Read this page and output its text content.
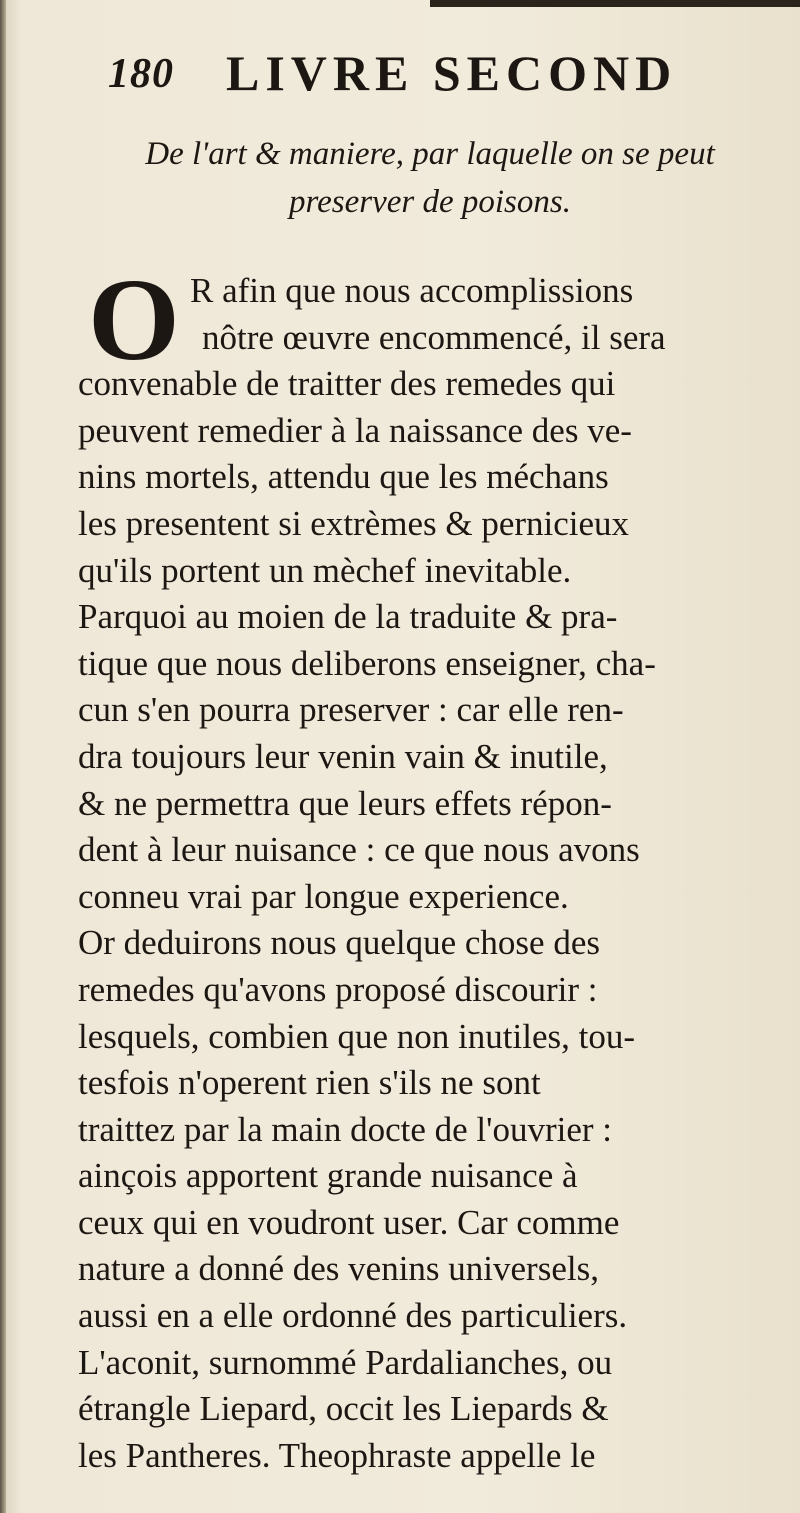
180 LIVRE SECOND
De l'art & maniere, par laquelle on se peut
preserver de poisons.
O R afin que nous accomplissions
nôtre œuvre encommencé, il sera
convenable de traitter des remedes qui
peuvent remedier à la naissance des ve-
nins mortels, attendu que les méchans
les presentent si extrèmes & pernicieux
qu'ils portent un mèchef inevitable.
Parquoi au moien de la traduite & pra-
tique que nous deliberons enseigner, cha-
cun s'en pourra preserver : car elle ren-
dra toujours leur venin vain & inutile,
& ne permettra que leurs effets répon-
dent à leur nuisance : ce que nous avons
conneu vrai par longue experience.
Or deduirons nous quelque chose des
remedes qu'avons proposé discourir :
lesquels, combien que non inutiles, tou-
tesfois n'operent rien s'ils ne sont
traittez par la main docte de l'ouvrier :
ainçois apportent grande nuisance à
ceux qui en voudront user. Car comme
nature a donné des venins universels,
aussi en a elle ordonné des particuliers.
L'aconit, surnommé Pardalianches, ou
étrangle Liepard, occit les Liepards &
les Pantheres. Theophraste appelle le
